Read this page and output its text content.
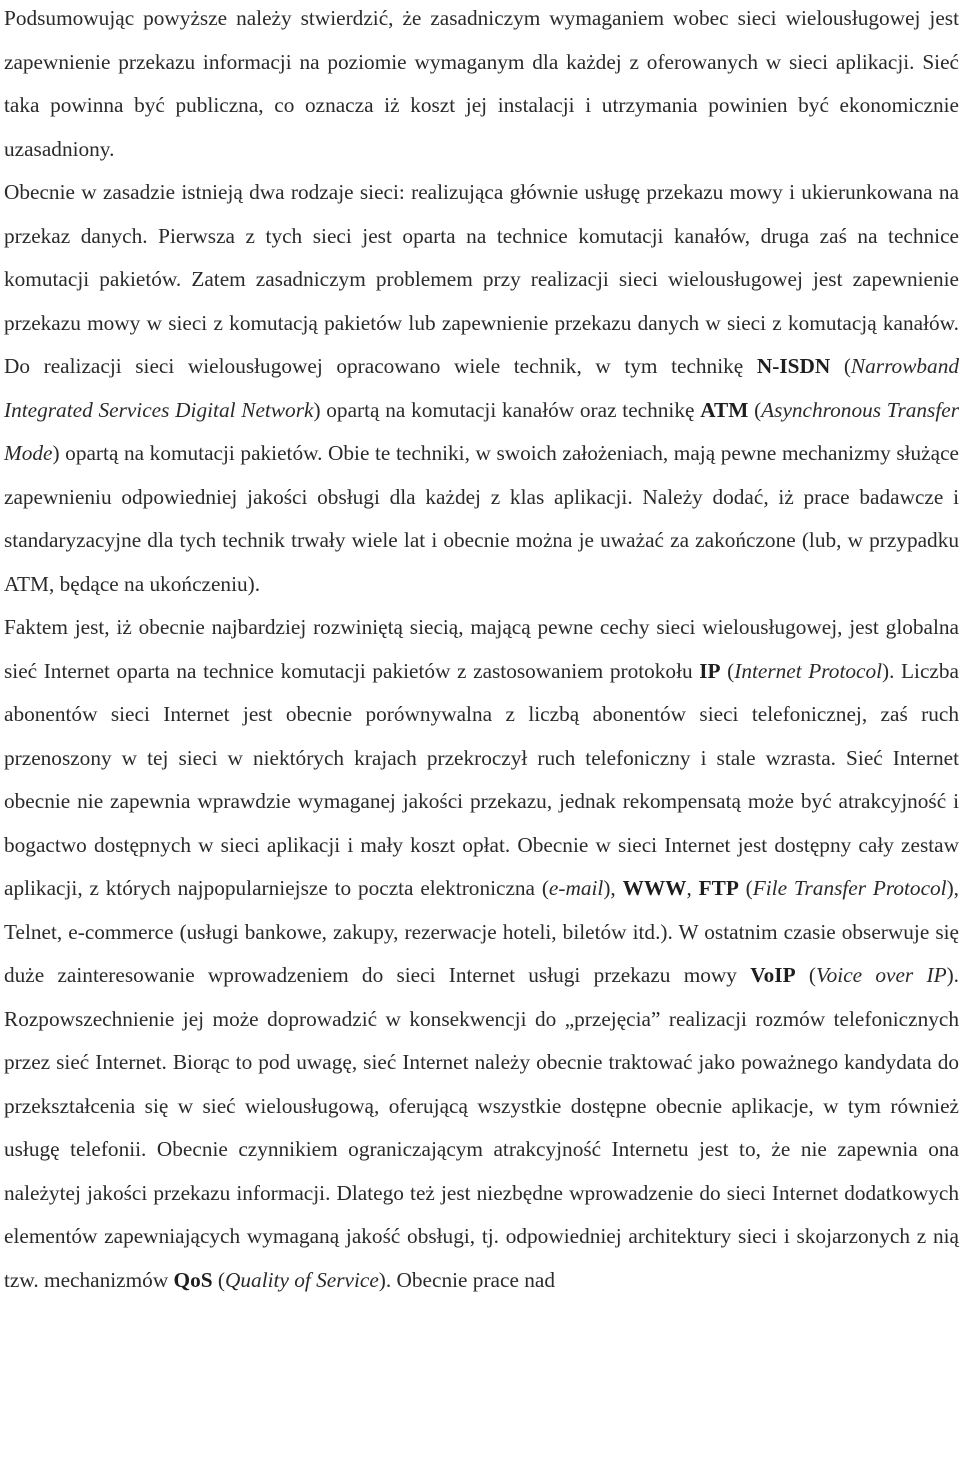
Podsumowując powyższe należy stwierdzić, że zasadniczym wymaganiem wobec sieci wielousługowej jest zapewnienie przekazu informacji na poziomie wymaganym dla każdej z oferowanych w sieci aplikacji. Sieć taka powinna być publiczna, co oznacza iż koszt jej instalacji i utrzymania powinien być ekonomicznie uzasadniony.

Obecnie w zasadzie istnieją dwa rodzaje sieci: realizująca głównie usługę przekazu mowy i ukierunkowana na przekaz danych. Pierwsza z tych sieci jest oparta na technice komutacji kanałów, druga zaś na technice komutacji pakietów. Zatem zasadniczym problemem przy realizacji sieci wielousługowej jest zapewnienie przekazu mowy w sieci z komutacją pakietów lub zapewnienie przekazu danych w sieci z komutacją kanałów. Do realizacji sieci wielousługowej opracowano wiele technik, w tym technikę N-ISDN (Narrowband Integrated Services Digital Network) opartą na komutacji kanałów oraz technikę ATM (Asynchronous Transfer Mode) opartą na komutacji pakietów. Obie te techniki, w swoich założeniach, mają pewne mechanizmy służące zapewnieniu odpowiedniej jakości obsługi dla każdej z klas aplikacji. Należy dodać, iż prace badawcze i standaryzacyjne dla tych technik trwały wiele lat i obecnie można je uważać za zakończone (lub, w przypadku ATM, będące na ukończeniu).

Faktem jest, iż obecnie najbardziej rozwiniętą siecią, mającą pewne cechy sieci wielousługowej, jest globalna sieć Internet oparta na technice komutacji pakietów z zastosowaniem protokołu IP (Internet Protocol). Liczba abonentów sieci Internet jest obecnie porównywalna z liczbą abonentów sieci telefonicznej, zaś ruch przenoszony w tej sieci w niektórych krajach przekroczył ruch telefoniczny i stale wzrasta. Sieć Internet obecnie nie zapewnia wprawdzie wymaganej jakości przekazu, jednak rekompensatą może być atrakcyjność i bogactwo dostępnych w sieci aplikacji i mały koszt opłat. Obecnie w sieci Internet jest dostępny cały zestaw aplikacji, z których najpopularniejsze to poczta elektroniczna (e-mail), WWW, FTP (File Transfer Protocol), Telnet, e-commerce (usługi bankowe, zakupy, rezerwacje hoteli, biletów itd.). W ostatnim czasie obserwuje się duże zainteresowanie wprowadzeniem do sieci Internet usługi przekazu mowy VoIP (Voice over IP). Rozpowszechnienie jej może doprowadzić w konsekwencji do „przejęcia” realizacji rozmów telefonicznych przez sieć Internet. Biorąc to pod uwagę, sieć Internet należy obecnie traktować jako poważnego kandydata do przekształcenia się w sieć wielousługową, oferującą wszystkie dostępne obecnie aplikacje, w tym również usługę telefonii. Obecnie czynnikiem ograniczającym atrakcyjność Internetu jest to, że nie zapewnia ona należytej jakości przekazu informacji. Dlatego też jest niezbędne wprowadzenie do sieci Internet dodatkowych elementów zapewniających wymaganą jakość obsługi, tj. odpowiedniej architektury sieci i skojarzonych z nią tzw. mechanizmów QoS (Quality of Service). Obecnie prace nad
